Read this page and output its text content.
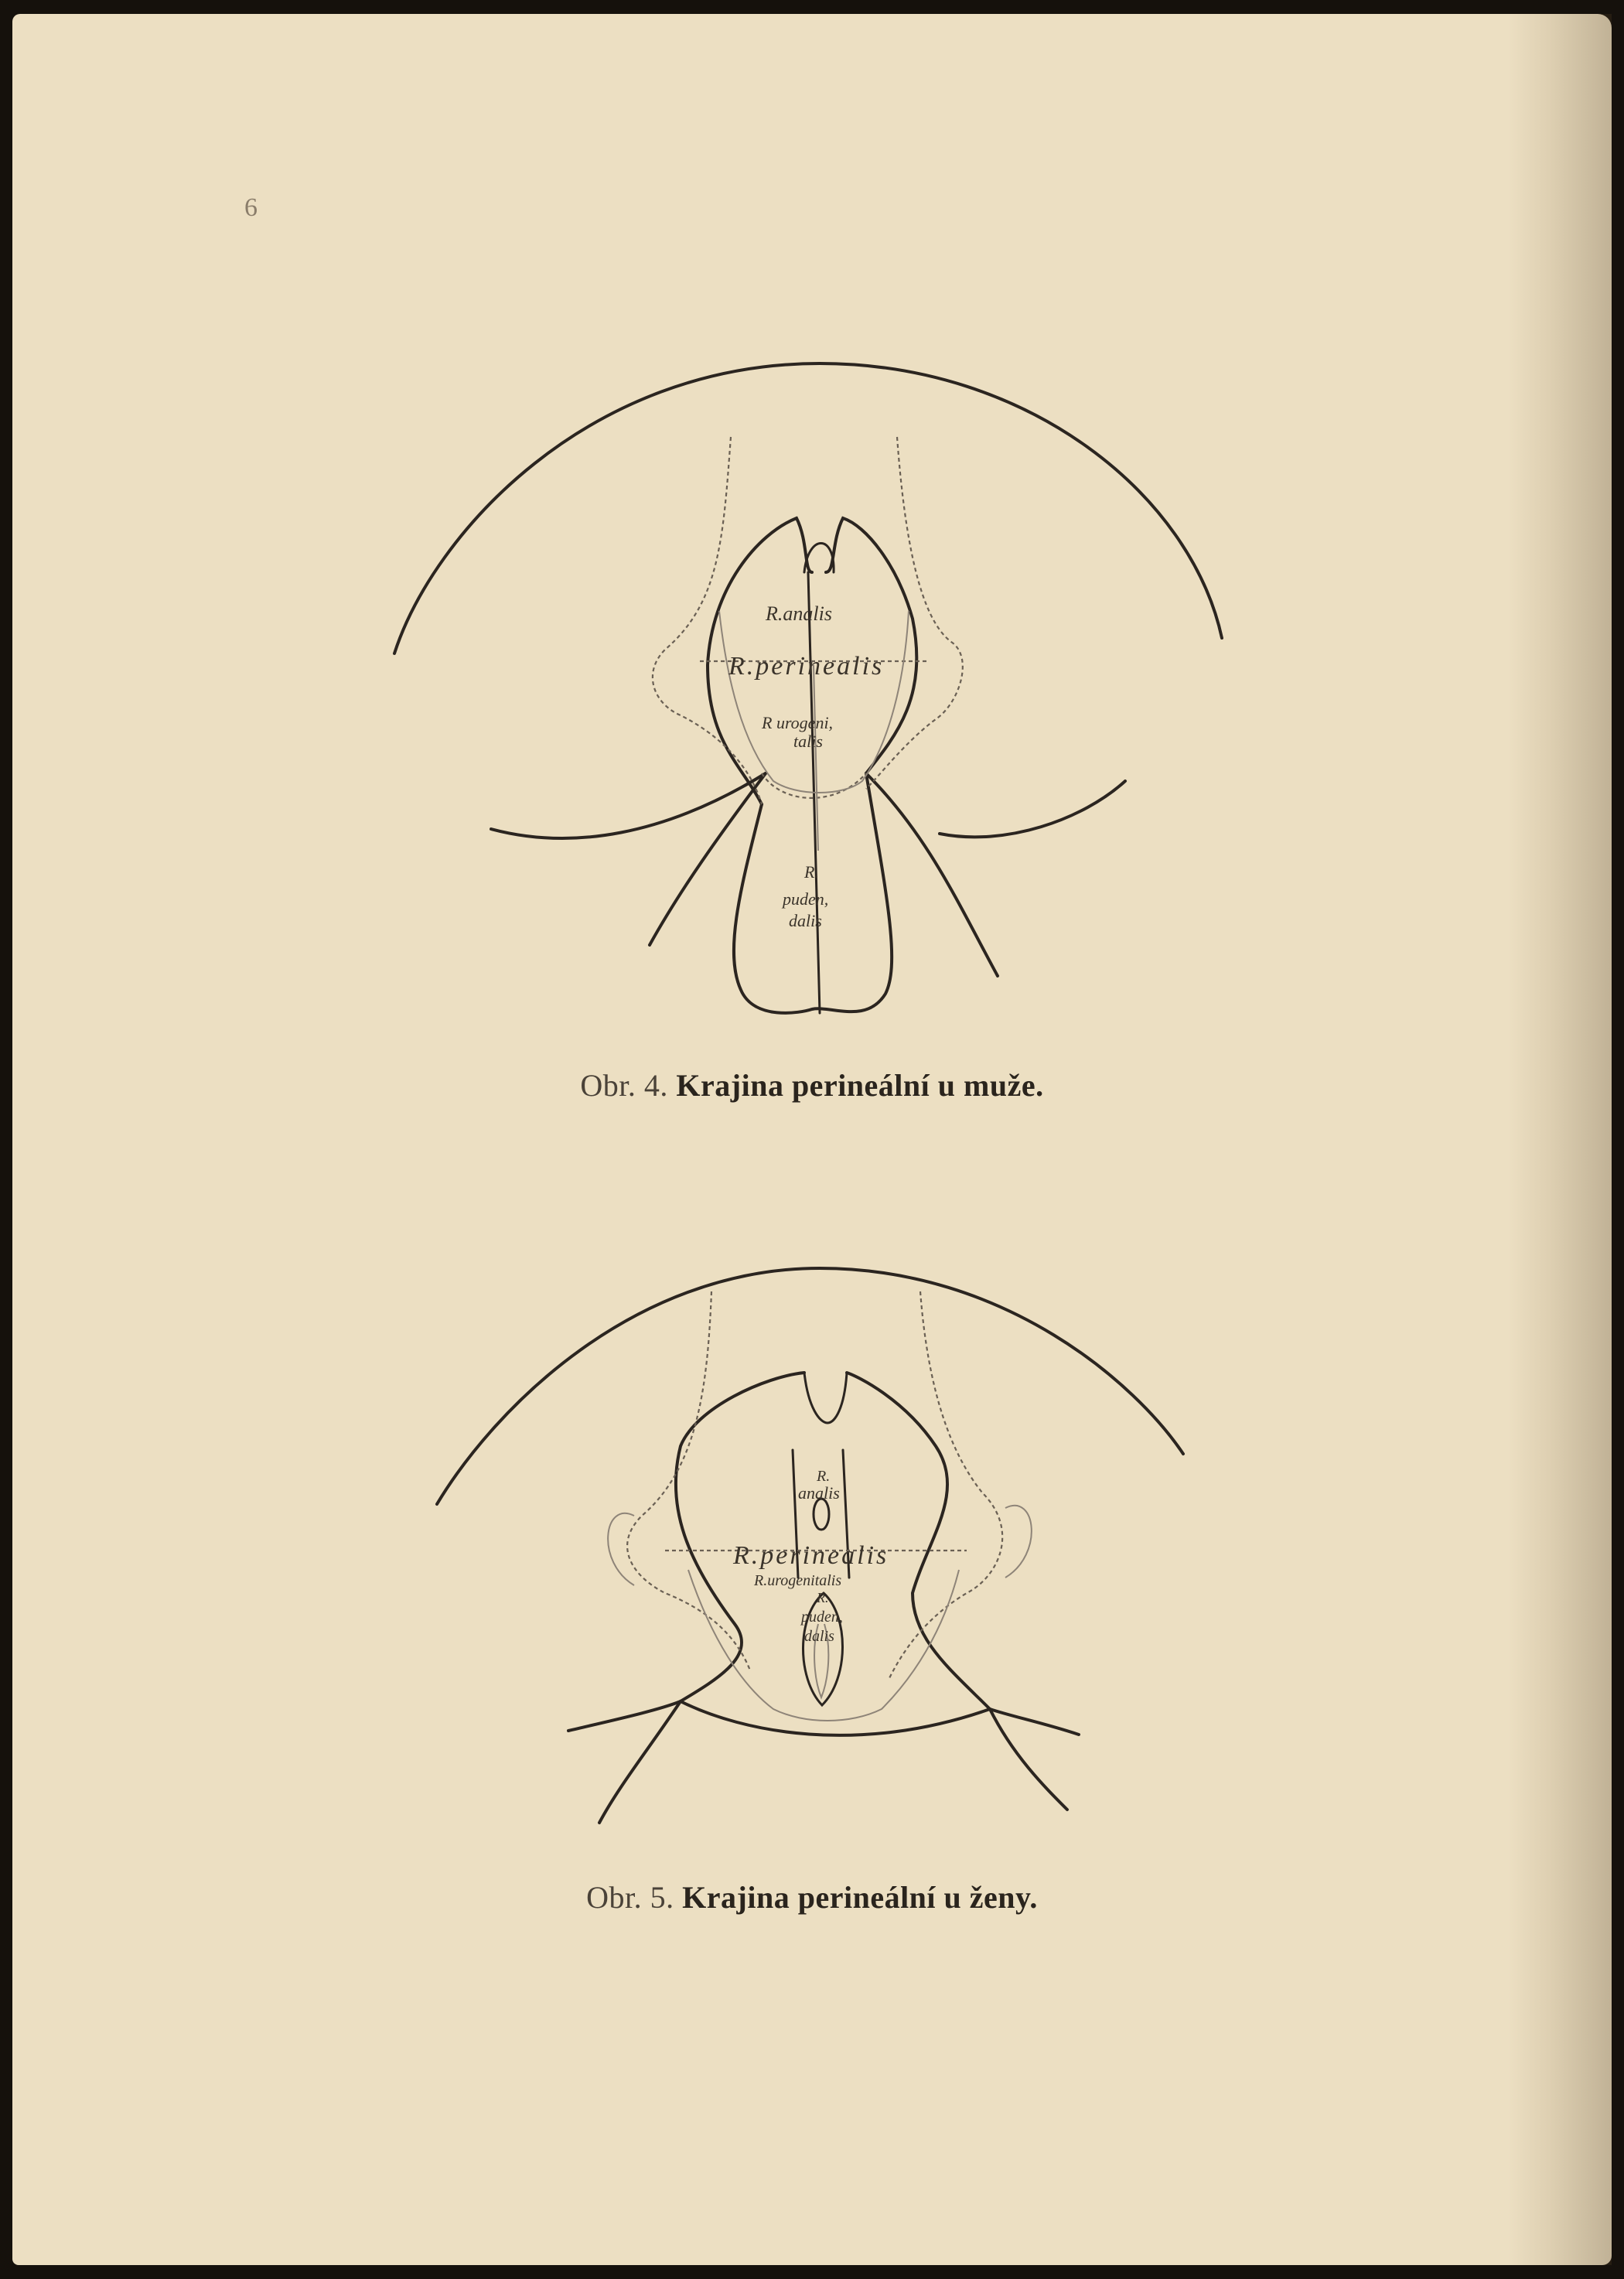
6
R.analis
R.perinealis
R urogeni,
talis
R.
puden,
dalis
Obr. 4. Krajina perineální u muže.
R.
analis
R.perinealis
R.urogenitalis
R.
puden,
dalis
Obr. 5. Krajina perineální u ženy.
